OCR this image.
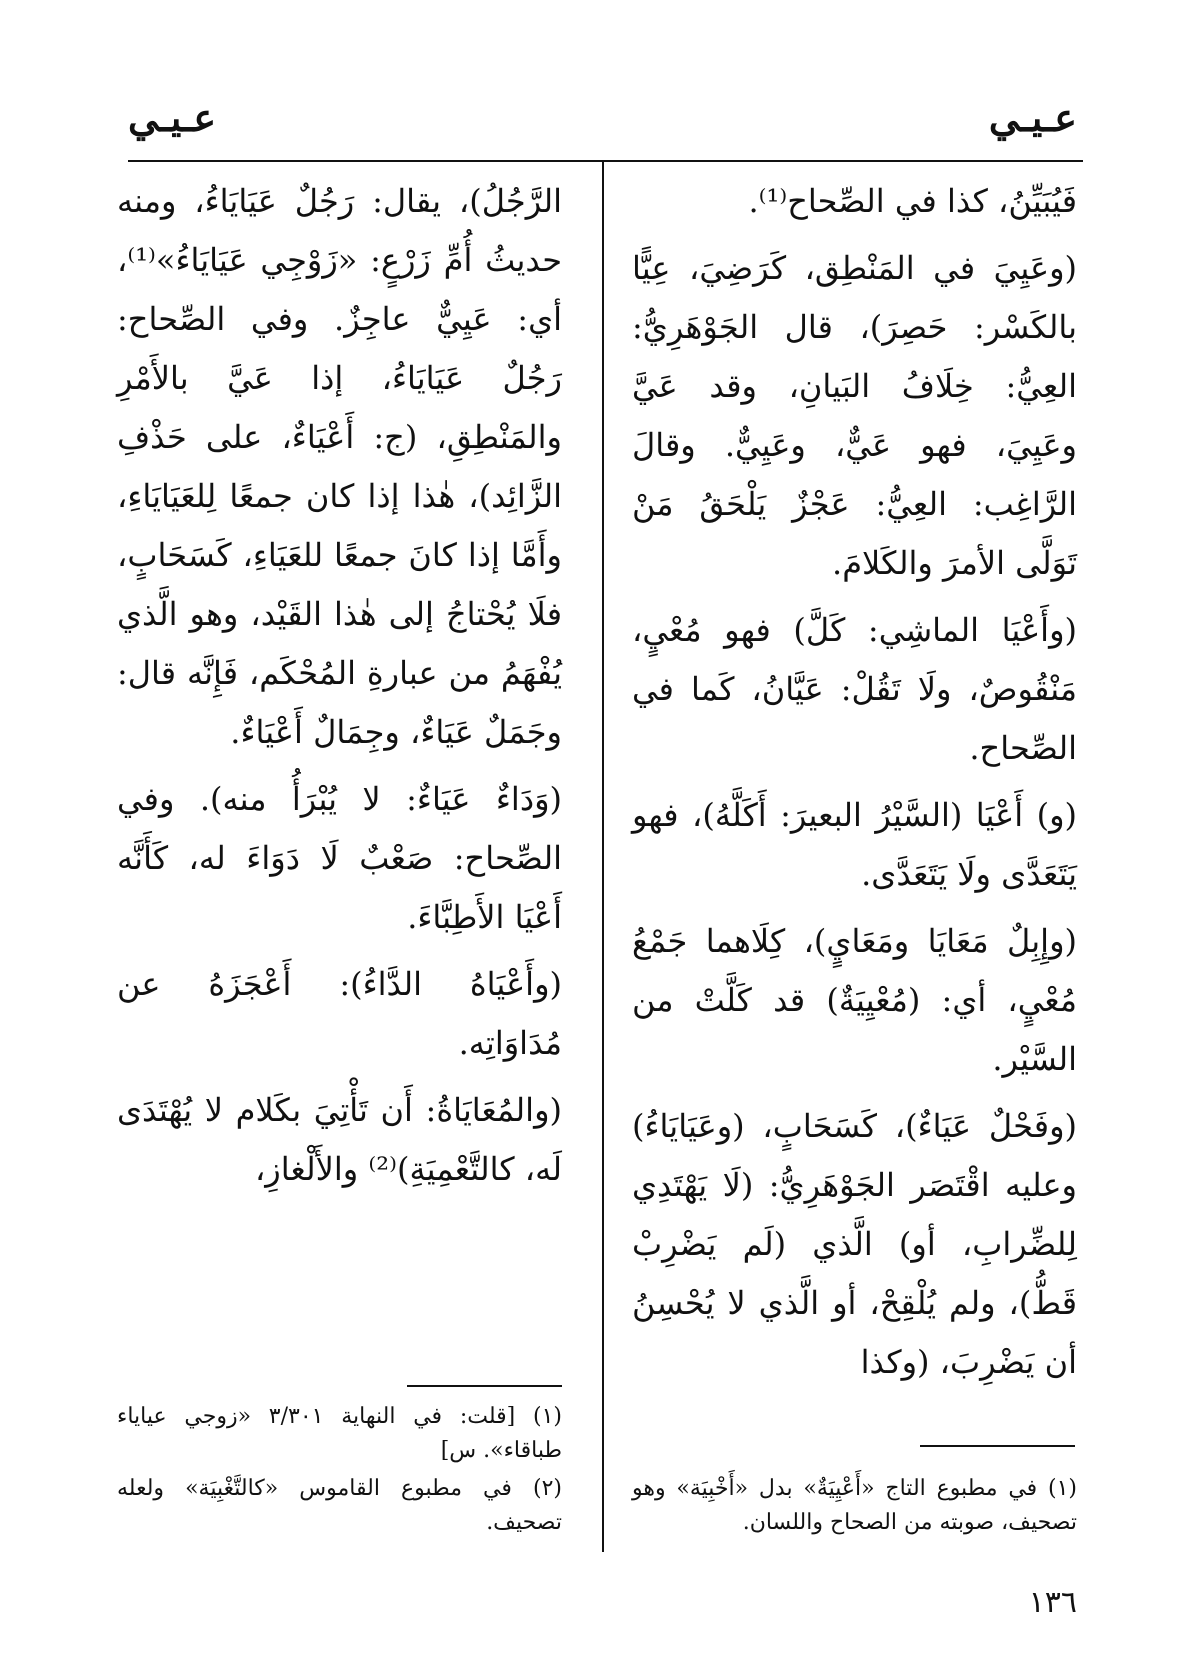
عـيـي
عـيـي

فَيُبَيِّنُ، كذا في الصِّحاح⁽¹⁾.

(وعَيِيَ في المَنْطِق، كَرَضِيَ، عِيًّا بالكَسْر: حَصِرَ)، قال الجَوْهَرِيُّ: العِيُّ: خِلَافُ البَيانِ، وقد عَيَّ وعَيِيَ، فهو عَيٌّ، وعَيِيٌّ. وقالَ الرَّاغِب: العِيُّ: عَجْزٌ يَلْحَقُ مَنْ تَوَلَّى الأمرَ والكَلامَ.

(وأَعْيَا الماشِي: كَلَّ) فهو مُعْيٍ، مَنْقُوصٌ، ولَا تَقُلْ: عَيَّانُ، كَما في الصِّحاح.

(و) أَعْيَا (السَّيْرُ البعيرَ: أَكَلَّهُ)، فهو يَتَعَدَّى ولَا يَتَعَدَّى.

(وإِبِلٌ مَعَايَا ومَعَايٍ)، كِلَاهما جَمْعُ مُعْيٍ، أي: (مُعْيِيَةٌ) قد كَلَّتْ من السَّيْر.

(وفَحْلٌ عَيَاءٌ)، كَسَحَابٍ، (وعَيَايَاءُ) وعليه اقْتَصَر الجَوْهَرِيُّ: (لَا يَهْتَدِي لِلضِّرابِ، أو) الَّذي (لَم يَضْرِبْ قَطُّ)، ولم يُلْقِحْ، أو الَّذي لا يُحْسِنُ أن يَضْرِبَ، (وكذا

الرَّجُلُ)، يقال: رَجُلٌ عَيَايَاءُ، ومنه حديثُ أُمِّ زَرْعٍ: «زَوْجِي عَيَايَاءُ»⁽¹⁾، أي: عَيِيٌّ عاجِزٌ. وفي الصِّحاح: رَجُلٌ عَيَايَاءُ، إذا عَيَّ بالأَمْرِ والمَنْطِقِ، (ج: أَعْيَاءٌ، على حَذْفِ الزَّائِد)، هٰذا إذا كان جمعًا لِلعَيَايَاءِ، وأَمَّا إذا كانَ جمعًا للعَيَاءِ، كَسَحَابٍ، فلَا يُحْتاجُ إلى هٰذا القَيْد، وهو الَّذي يُفْهَمُ من عبارةِ المُحْكَم، فَإِنَّه قال: وجَمَلٌ عَيَاءٌ، وجِمَالٌ أَعْيَاءٌ.

(وَدَاءٌ عَيَاءٌ: لا يُبْرَأُ منه). وفي الصِّحاح: صَعْبٌ لَا دَوَاءَ له، كَأَنَّه أَعْيَا الأَطِبَّاءَ.

(وأَعْيَاهُ الدَّاءُ): أَعْجَزَهُ عن مُدَاوَاتِه.

(والمُعَايَاةُ: أَن تَأْتِيَ بكَلام لا يُهْتَدَى لَه، كالتَّعْمِيَةِ)⁽²⁾ والأَلْغازِ،

(١) في مطبوع التاج «أَعْيِيَةٌ» بدل «أَخْبِيَة» وهو تصحيف، صوبته من الصحاح واللسان.

(١) [قلت: في النهاية ٣/٣٠١ «زوجي عياياء طباقاء». س]

(٢) في مطبوع القاموس «كالتَّغْبِيَة» ولعله تصحيف.

١٣٦
